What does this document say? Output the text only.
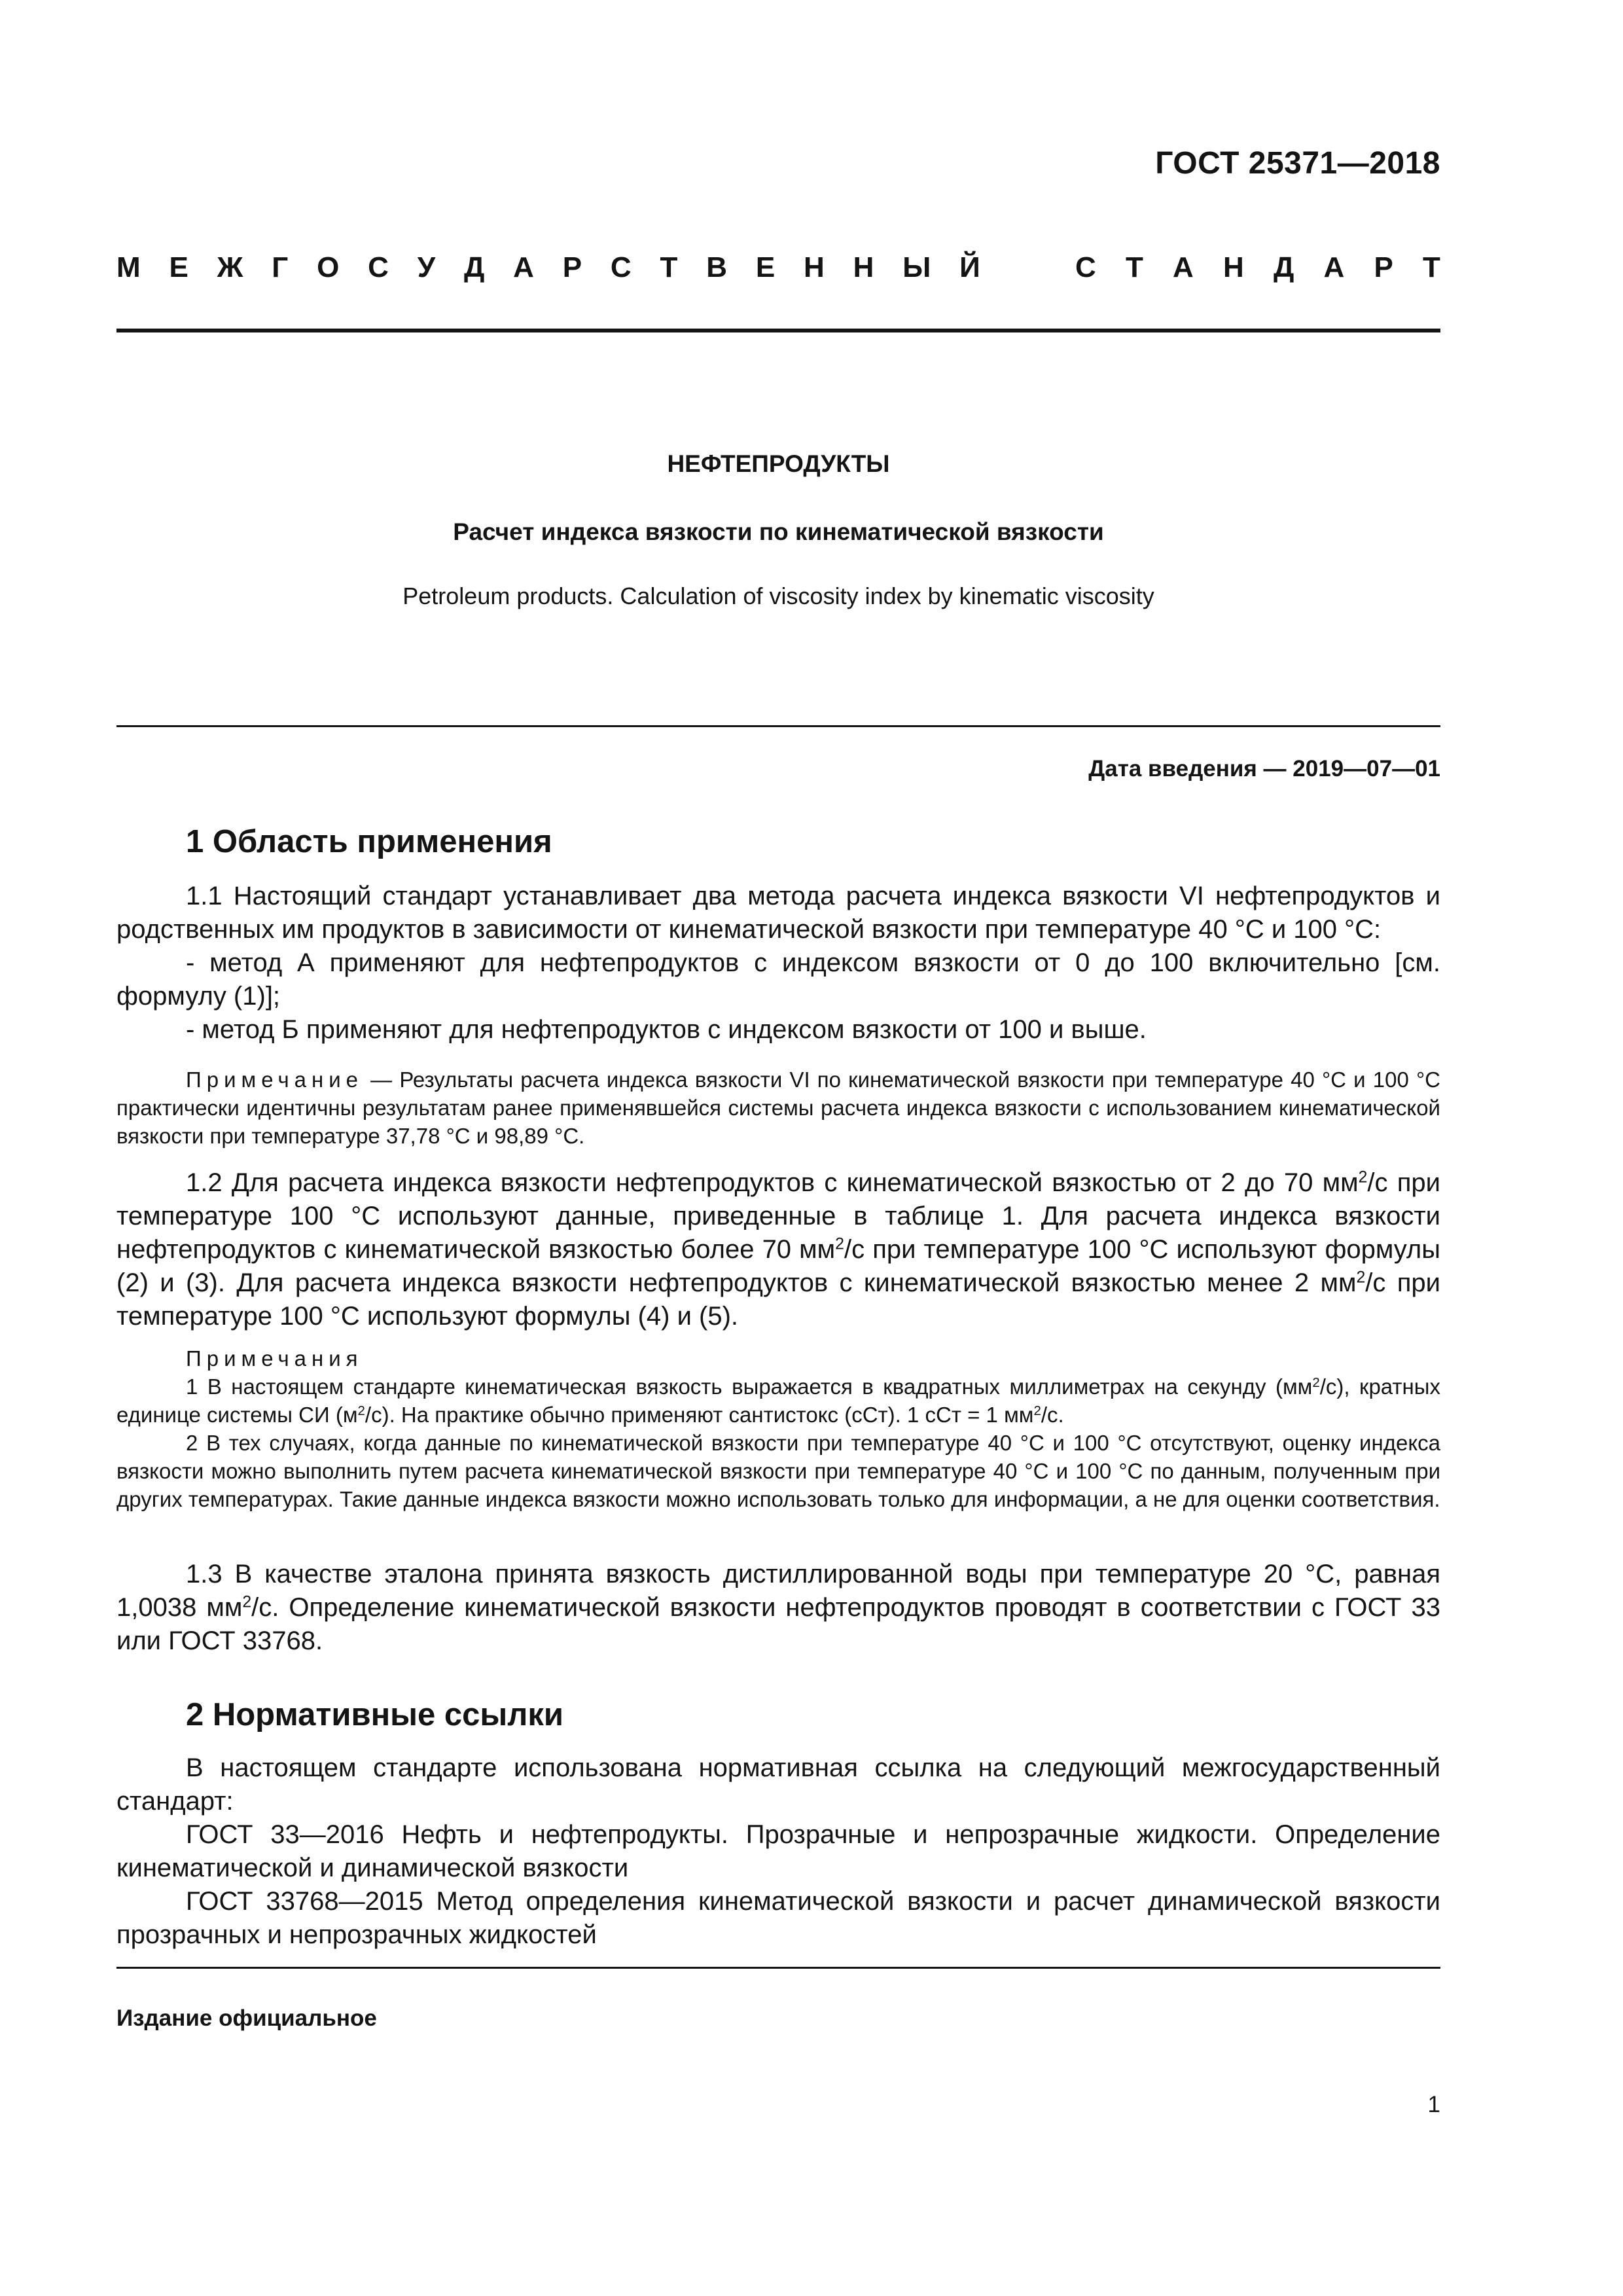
ГОСТ 25371—2018
М Е Ж Г О С У Д А Р С Т В Е Н Н Ы Й	С Т А Н Д А Р Т
НЕФТЕПРОДУКТЫ
Расчет индекса вязкости по кинематической вязкости
Petroleum products. Calculation of viscosity index by kinematic viscosity
Дата введения — 2019—07—01
1 Область применения

1.1 Настоящий стандарт устанавливает два метода расчета индекса вязкости VI нефтепродуктов и родственных им продуктов в зависимости от кинематической вязкости при температуре 40 °C и 100 °C:

- метод А применяют для нефтепродуктов с индексом вязкости от 0 до 100 включительно [см. формулу (1)];

- метод Б применяют для нефтепродуктов с индексом вязкости от 100 и выше.

Примечание — Результаты расчета индекса вязкости VI по кинематической вязкости при температуре 40 °C и 100 °C практически идентичны результатам ранее применявшейся системы расчета индекса вязкости с использованием кинематической вязкости при температуре 37,78 °C и 98,89 °C.

1.2 Для расчета индекса вязкости нефтепродуктов с кинематической вязкостью от 2 до 70 $мм^2/с$ при температуре 100 °C используют данные, приведенные в таблице 1. Для расчета индекса вязкости нефтепродуктов с кинематической вязкостью более 70 $мм^2/с$ при температуре 100 °C используют формулы (2) и (3). Для расчета индекса вязкости нефтепродуктов с кинематической вязкостью менее 2 $мм^2/с$ при температуре 100 °C используют формулы (4) и (5).

Примечания

1 В настоящем стандарте кинематическая вязкость выражается в квадратных миллиметрах на секунду $(мм^2/с)$, кратных единице системы СИ $(м^2/с)$. На практике обычно применяют сантистокс (сСт). 1 сСт = 1 $мм^2/с$.

2 В тех случаях, когда данные по кинематической вязкости при температуре 40 °C и 100 °C отсутствуют, оценку индекса вязкости можно выполнить путем расчета кинематической вязкости при температуре 40 °C и 100 °C по данным, полученным при других температурах. Такие данные индекса вязкости можно использовать только для информации, а не для оценки соответствия.

1.3 В качестве эталона принята вязкость дистиллированной воды при температуре 20 °C, равная 1,0038 $мм^2/с$. Определение кинематической вязкости нефтепродуктов проводят в соответствии с ГОСТ 33 или ГОСТ 33768.

2 Нормативные ссылки

В настоящем стандарте использована нормативная ссылка на следующий межгосударственный стандарт:

ГОСТ 33—2016 Нефть и нефтепродукты. Прозрачные и непрозрачные жидкости. Определение кинематической и динамической вязкости

ГОСТ 33768—2015 Метод определения кинематической вязкости и расчет динамической вязкости прозрачных и непрозрачных жидкостей

Издание официальное
1
